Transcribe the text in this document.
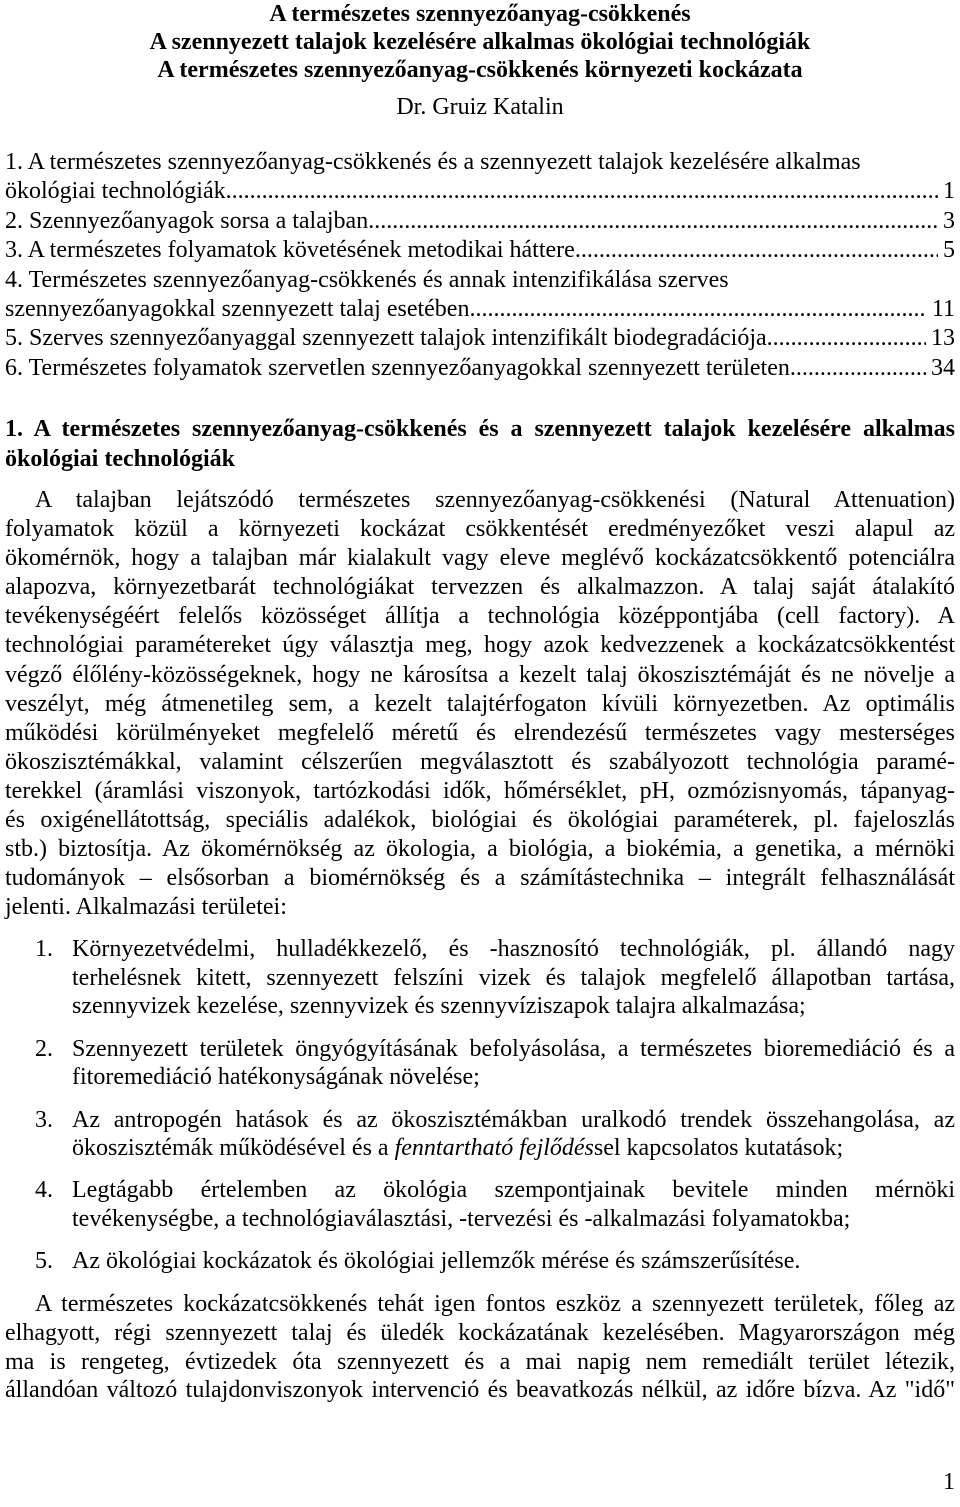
A természetes szennyezőanyag-csökkenés
A szennyezett talajok kezelésére alkalmas ökológiai technológiák
A természetes szennyezőanyag-csökkenés környezeti kockázata
Dr. Gruiz Katalin
1. A természetes szennyezőanyag-csökkenés és a szennyezett talajok kezelésére alkalmas
ökológiai technológiák .....	1
2. Szennyezőanyagok sorsa a talajban .....	3
3. A természetes folyamatok követésének metodikai háttere .....	5
4. Természetes szennyezőanyag-csökkenés és annak intenzifikálása szerves
szennyezőanyagokkal szennyezett talaj esetében .....	11
5. Szerves szennyezőanyaggal szennyezett talajok intenzifikált biodegradációja .....	13
6. Természetes folyamatok szervetlen szennyezőanyagokkal szennyezett területen .....	34
1. A természetes szennyezőanyag-csökkenés és a szennyezett talajok kezelésére alkalmas
ökológiai technológiák
A talajban lejátszódó természetes szennyezőanyag-csökkenési (Natural Attenuation)
folyamatok közül a környezeti kockázat csökkentését eredményezőket veszi alapul az
ökomérnök, hogy a talajban már kialakult vagy eleve meglévő kockázatcsökkentő potenciálra
alapozva, környezetbarát technológiákat tervezzen és alkalmazzon. A talaj saját átalakító
tevékenységéért felelős közösséget állítja a technológia középpontjába (cell factory). A
technológiai paramétereket úgy választja meg, hogy azok kedvezzenek a kockázatcsökkentést
végző élőlény-közösségeknek, hogy ne károsítsa a kezelt talaj ökoszisztémáját és ne növelje a
veszélyt, még átmenetileg sem, a kezelt talajtérfogaton kívüli környezetben. Az optimális
működési körülményeket megfelelő méretű és elrendezésű természetes vagy mesterséges
ökoszisztémákkal, valamint célszerűen megválasztott és szabályozott technológia paramé-
terekkel (áramlási viszonyok, tartózkodási idők, hőmérséklet, pH, ozmózisnyomás, tápanyag-
és oxigénellátottság, speciális adalékok, biológiai és ökológiai paraméterek, pl. fajeloszlás
stb.) biztosítja. Az ökomérnökség az ökologia, a biológia, a biokémia, a genetika, a mérnöki
tudományok – elsősorban a biomérnökség és a számítástechnika – integrált felhasználását
jelenti. Alkalmazási területei:
1. Környezetvédelmi, hulladékkezelő, és -hasznosító technológiák, pl. állandó nagy
terhelésnek kitett, szennyezett felszíni vizek és talajok megfelelő állapotban tartása,
szennyvizek kezelése, szennyvizek és szennyvíziszapok talajra alkalmazása;
2. Szennyezett területek öngyógyításának befolyásolása, a természetes bioremediáció és a
fitoremediáció hatékonyságának növelése;
3. Az antropogén hatások és az ökoszisztémákban uralkodó trendek összehangolása, az
ökoszisztémák működésével és a fenntartható fejlődéssel kapcsolatos kutatások;
4. Legtágabb értelemben az ökológia szempontjainak bevitele minden mérnöki
tevékenységbe, a technológiaválasztási, -tervezési és -alkalmazási folyamatokba;
5. Az ökológiai kockázatok és ökológiai jellemzők mérése és számszerűsítése.
A természetes kockázatcsökkenés tehát igen fontos eszköz a szennyezett területek, főleg az
elhagyott, régi szennyezett talaj és üledék kockázatának kezelésében. Magyarországon még
ma is rengeteg, évtizedek óta szennyezett és a mai napig nem remediált terület létezik,
állandóan változó tulajdonviszonyok intervenció és beavatkozás nélkül, az időre bízva. Az "idő"
1
